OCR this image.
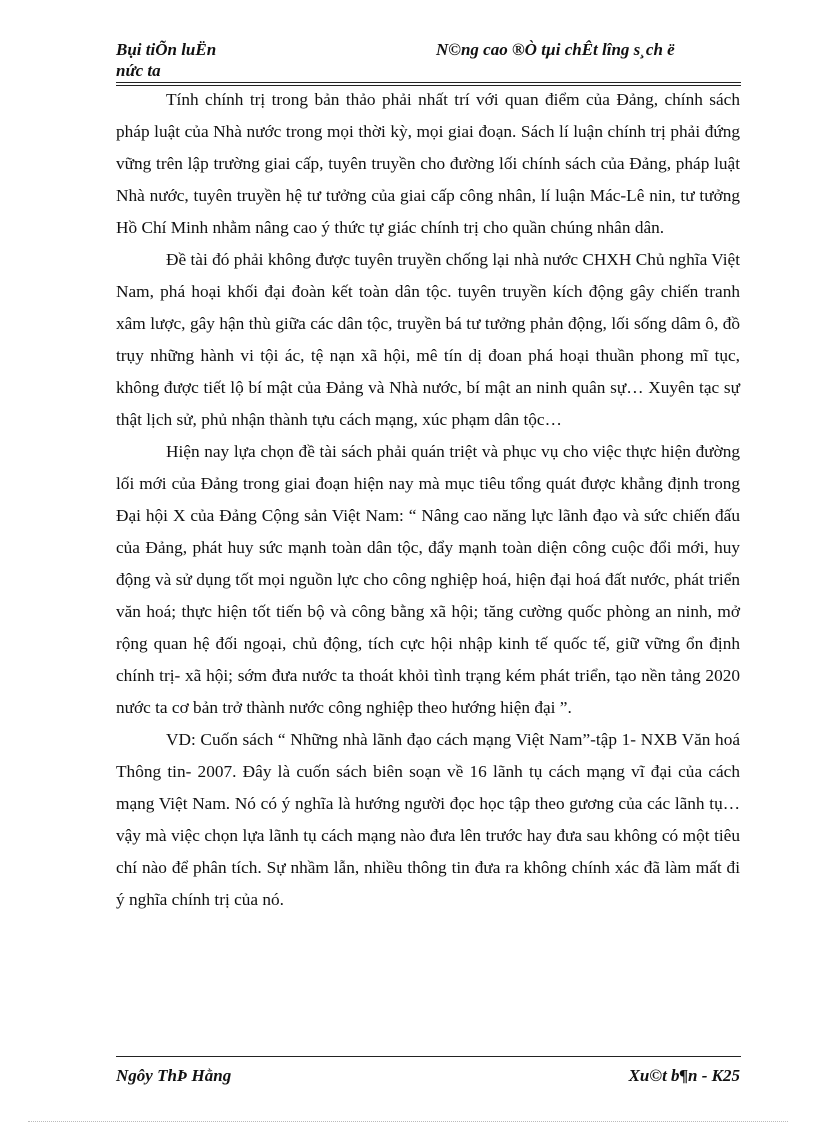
Bụi tiÕn luËn
nức ta
N©ng cao ®Ò tµi chÊt lîng s¸ch ë

Tính chính trị trong bản thảo phải nhất trí với quan điểm của Đảng, chính sách pháp luật của Nhà nước trong mọi thời kỳ, mọi giai đoạn. Sách lí luận chính trị phải đứng vững trên lập trường giai cấp, tuyên truyền cho đường lối chính sách của Đảng, pháp luật Nhà nước, tuyên truyền hệ tư tưởng của giai cấp công nhân, lí luận Mác-Lê nin, tư tưởng Hồ Chí Minh nhằm nâng cao ý thức tự giác chính trị cho quần chúng nhân dân.

Đề tài đó phải không được tuyên truyền chống lại nhà nước CHXH Chủ nghĩa Việt Nam, phá hoại khối đại đoàn kết toàn dân tộc. tuyên truyền kích động gây chiến tranh xâm lược, gây hận thù giữa các dân tộc, truyền bá tư tưởng phản động, lối sống dâm ô, đồ trụy những hành vi tội ác, tệ nạn xã hội, mê tín dị đoan phá hoại thuần phong mĩ tục, không được tiết lộ bí mật của Đảng và Nhà nước, bí mật an ninh quân sự… Xuyên tạc sự thật lịch sử, phủ nhận thành tựu cách mạng, xúc phạm dân tộc…

Hiện nay lựa chọn đề tài sách phải quán triệt và phục vụ cho việc thực hiện đường lối mới của Đảng trong giai đoạn hiện nay mà mục tiêu tổng quát được khẳng định trong Đại hội X của Đảng Cộng sản Việt Nam: “ Nâng cao năng lực lãnh đạo và sức chiến đấu của Đảng, phát huy sức mạnh toàn dân tộc, đẩy mạnh toàn diện công cuộc đổi mới, huy động và sử dụng tốt mọi nguồn lực cho công nghiệp hoá, hiện đại hoá đất nước, phát triển văn hoá; thực hiện tốt tiến bộ và công bằng xã hội; tăng cường quốc phòng an ninh, mở rộng quan hệ đối ngoại, chủ động, tích cực hội nhập kinh tế quốc tế, giữ vững ổn định chính trị- xã hội; sớm đưa nước ta thoát khỏi tình trạng kém phát triển, tạo nền tảng 2020 nước ta cơ bản trở thành nước công nghiệp theo hướng hiện đại ”.

VD: Cuốn sách “ Những nhà lãnh đạo cách mạng Việt Nam”-tập 1- NXB Văn hoá Thông tin- 2007. Đây là cuốn sách biên soạn về 16 lãnh tụ cách mạng vĩ đại của cách mạng Việt Nam. Nó có ý nghĩa là hướng người đọc học tập theo gương của các lãnh tụ… vậy mà việc chọn lựa lãnh tụ cách mạng nào đưa lên trước hay đưa sau không có một tiêu chí nào để phân tích. Sự nhầm lẫn, nhiều thông tin đưa ra không chính xác đã làm mất đi ý nghĩa chính trị của nó.

Ngôy ThÞ Hằng	Xu©t b¶n - K25
